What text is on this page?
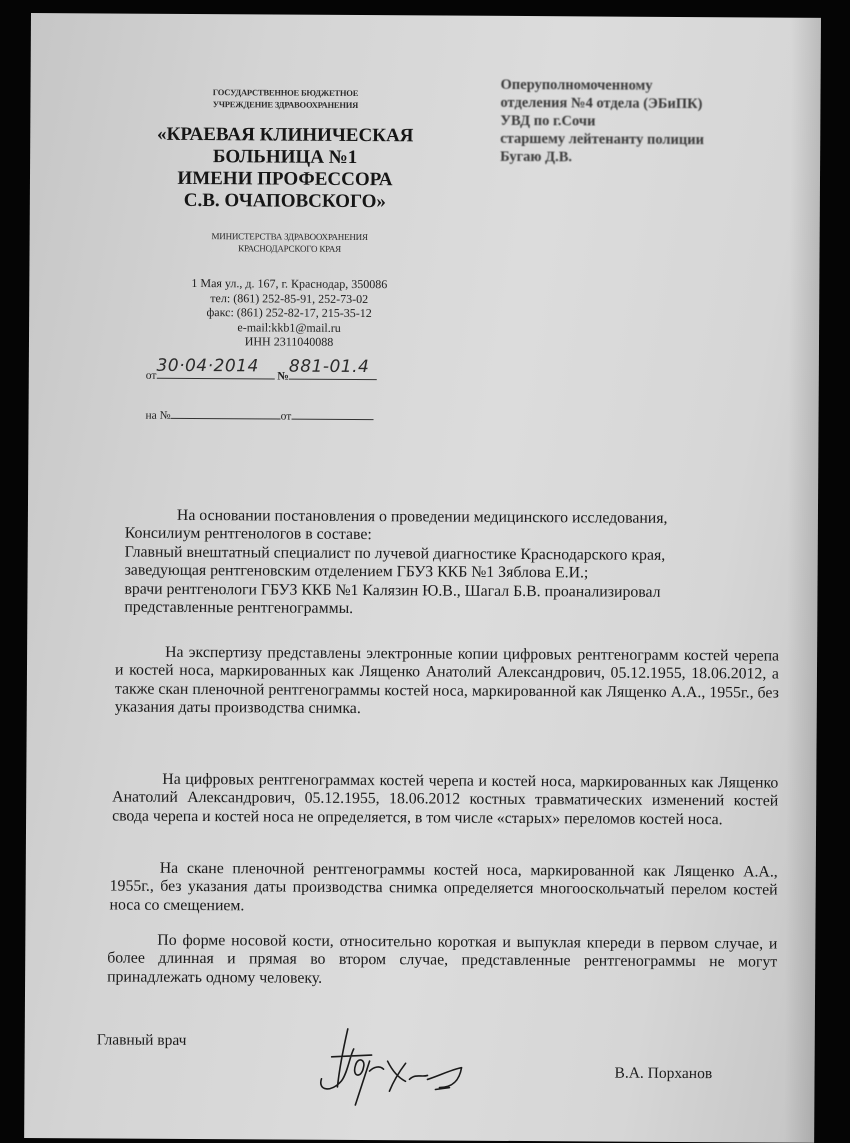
ГОСУДАРСТВЕННОЕ БЮДЖЕТНОЕ
УЧРЕЖДЕНИЕ ЗДРАВООХРАНЕНИЯ
«КРАЕВАЯ КЛИНИЧЕСКАЯ
БОЛЬНИЦА №1
ИМЕНИ ПРОФЕССОРА
С.В. ОЧАПОВСКОГО»
МИНИСТЕРСТВА ЗДРАВООХРАНЕНИЯ
КРАСНОДАРСКОГО КРАЯ
1 Мая ул., д. 167, г. Краснодар, 350086
тел: (861) 252-85-91, 252-73-02
факс: (861) 252-82-17, 215-35-12
e-mail:kkb1@mail.ru
ИНН 2311040088
от 30·04·2014
№ 881-01.4
на №	от
Оперуполномоченному
отделения №4 отдела (ЭБиПК)
УВД по г.Сочи
старшему лейтенанту полиции
Бугаю Д.В.
На основании постановления о проведении медицинского исследования,
Консилиум рентгенологов в составе:
Главный внештатный специалист по лучевой диагностике Краснодарского края,
заведующая рентгеновским отделением ГБУЗ ККБ №1 Зяблова Е.И.;
врачи рентгенологи ГБУЗ ККБ №1 Калязин Ю.В., Шагал Б.В. проанализировал
представленные рентгенограммы.

На экспертизу представлены электронные копии цифровых рентгенограмм костей черепа и костей носа, маркированных как Лященко Анатолий Александрович, 05.12.1955, 18.06.2012, а также скан пленочной рентгенограммы костей носа, маркированной как Лященко А.А., 1955г., без указания даты производства снимка.

На цифровых рентгенограммах костей черепа и костей носа, маркированных как Лященко Анатолий Александрович, 05.12.1955, 18.06.2012 костных травматических изменений костей свода черепа и костей носа не определяется, в том числе «старых» переломов костей носа.

На скане пленочной рентгенограммы костей носа, маркированной как Лященко А.А., 1955г., без указания даты производства снимка определяется многооскольчатый перелом костей носа со смещением.

По форме носовой кости, относительно короткая и выпуклая кпереди в первом случае, и более длинная и прямая во втором случае, представленные рентгенограммы не могут принадлежать одному человеку.

Главный врач
В.А. Порханов
